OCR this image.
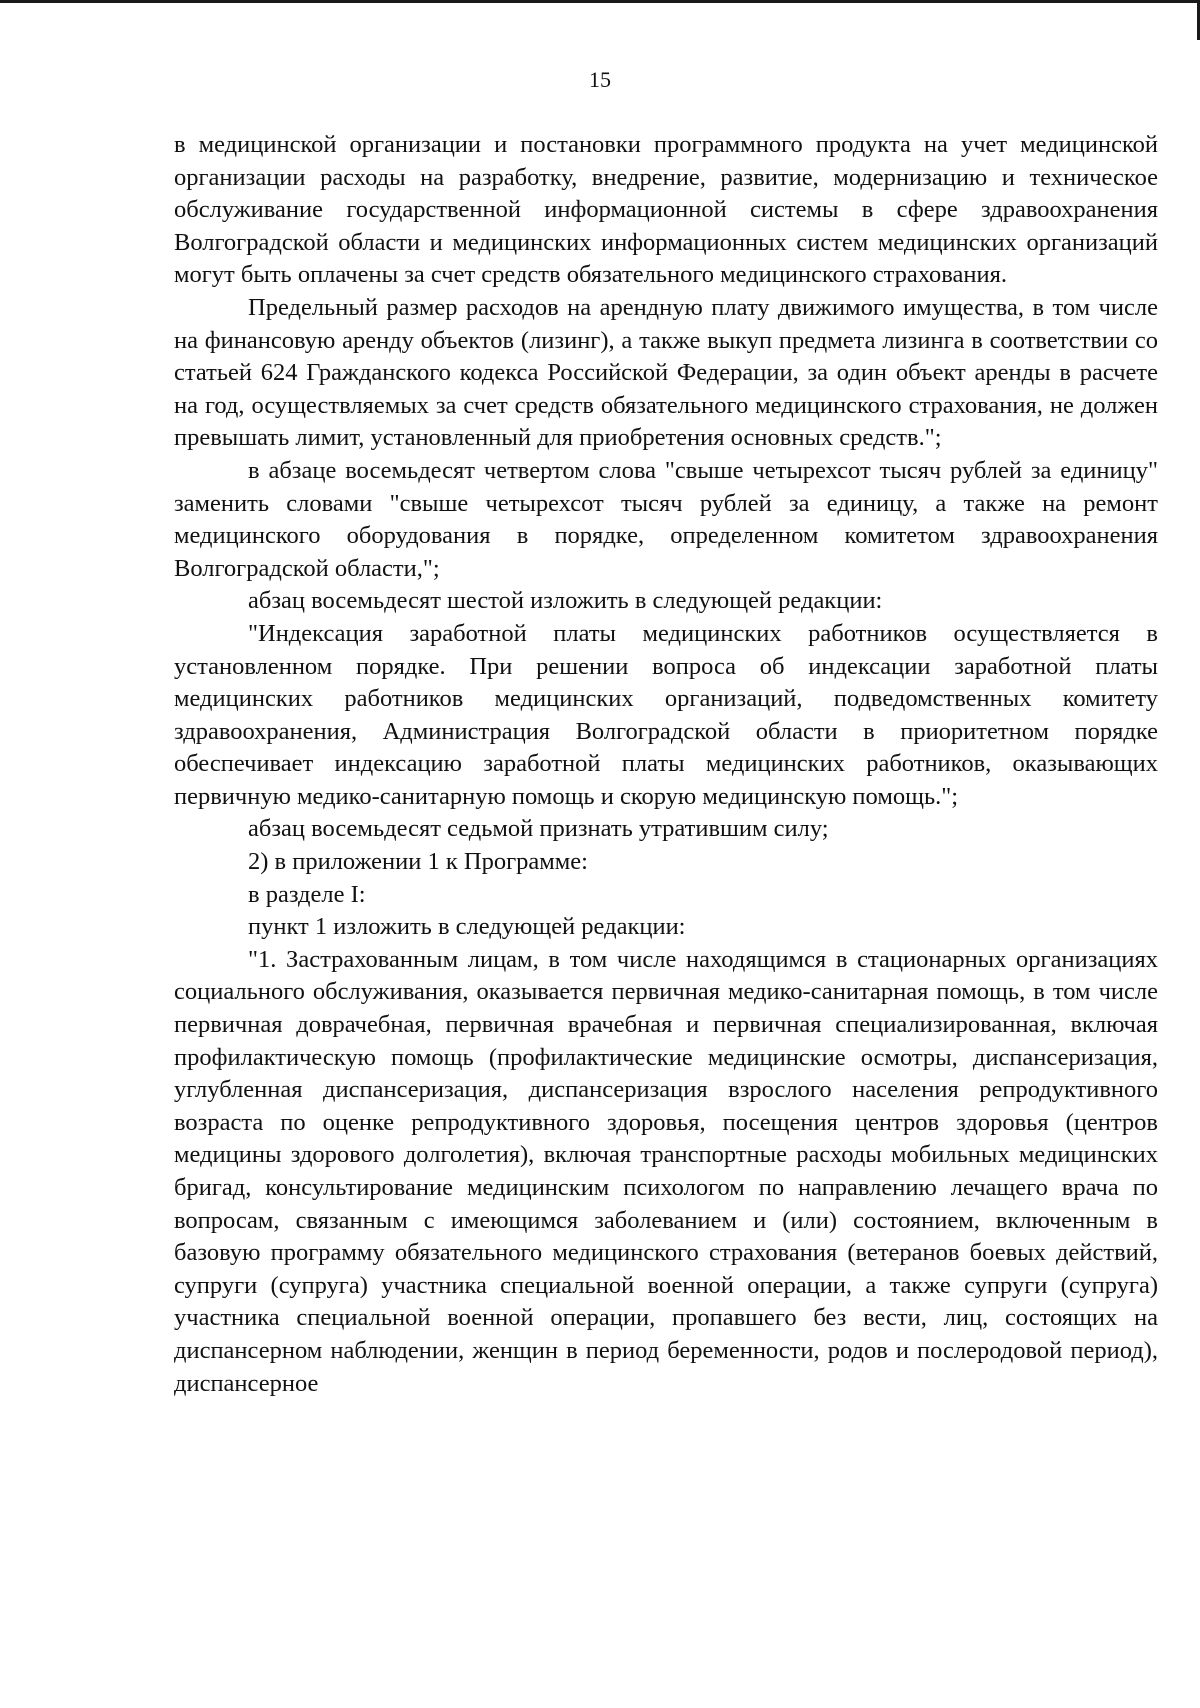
15

в медицинской организации и постановки программного продукта на учет медицинской организации расходы на разработку, внедрение, развитие, модернизацию и техническое обслуживание государственной информационной системы в сфере здравоохранения Волгоградской области и медицинских информационных систем медицинских организаций могут быть оплачены за счет средств обязательного медицинского страхования.

Предельный размер расходов на арендную плату движимого имущества, в том числе на финансовую аренду объектов (лизинг), а также выкуп предмета лизинга в соответствии со статьей 624 Гражданского кодекса Российской Федерации, за один объект аренды в расчете на год, осуществляемых за счет средств обязательного медицинского страхования, не должен превышать лимит, установленный для приобретения основных средств.";

в абзаце восемьдесят четвертом слова "свыше четырехсот тысяч рублей за единицу" заменить словами "свыше четырехсот тысяч рублей за единицу, а также на ремонт медицинского оборудования в порядке, определенном комитетом здравоохранения Волгоградской области,";

абзац восемьдесят шестой изложить в следующей редакции:

"Индексация заработной платы медицинских работников осуществляется в установленном порядке. При решении вопроса об индексации заработной платы медицинских работников медицинских организаций, подведомственных комитету здравоохранения, Администрация Волгоградской области в приоритетном порядке обеспечивает индексацию заработной платы медицинских работников, оказывающих первичную медико-санитарную помощь и скорую медицинскую помощь.";

абзац восемьдесят седьмой признать утратившим силу;

2) в приложении 1 к Программе:

в разделе I:

пункт 1 изложить в следующей редакции:

"1. Застрахованным лицам, в том числе находящимся в стационарных организациях социального обслуживания, оказывается первичная медико-санитарная помощь, в том числе первичная доврачебная, первичная врачебная и первичная специализированная, включая профилактическую помощь (профилактические медицинские осмотры, диспансеризация, углубленная диспансеризация, диспансеризация взрослого населения репродуктивного возраста по оценке репродуктивного здоровья, посещения центров здоровья (центров медицины здорового долголетия), включая транспортные расходы мобильных медицинских бригад, консультирование медицинским психологом по направлению лечащего врача по вопросам, связанным с имеющимся заболеванием и (или) состоянием, включенным в базовую программу обязательного медицинского страхования (ветеранов боевых действий, супруги (супруга) участника специальной военной операции, а также супруги (супруга) участника специальной военной операции, пропавшего без вести, лиц, состоящих на диспансерном наблюдении, женщин в период беременности, родов и послеродовой период), диспансерное
